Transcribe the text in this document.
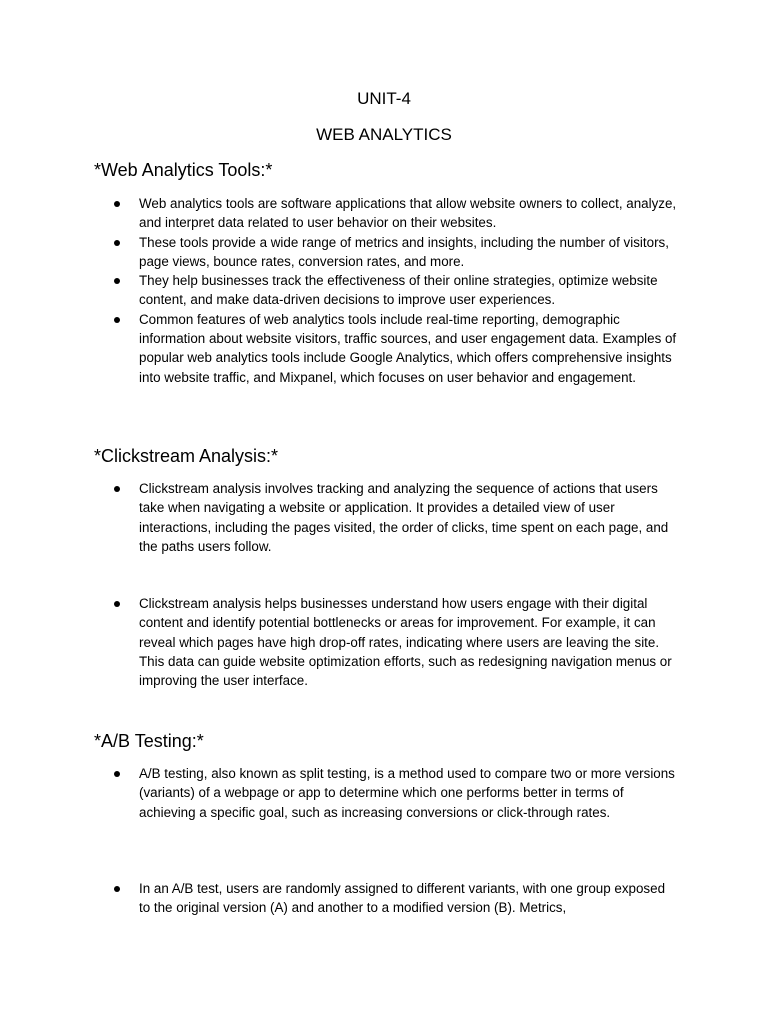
UNIT-4
WEB ANALYTICS
*Web Analytics Tools:*
Web analytics tools are software applications that allow website owners to collect, analyze, and interpret data related to user behavior on their websites.
These tools provide a wide range of metrics and insights, including the number of visitors, page views, bounce rates, conversion rates, and more.
They help businesses track the effectiveness of their online strategies, optimize website content, and make data-driven decisions to improve user experiences.
Common features of web analytics tools include real-time reporting, demographic information about website visitors, traffic sources, and user engagement data. Examples of popular web analytics tools include Google Analytics, which offers comprehensive insights into website traffic, and Mixpanel, which focuses on user behavior and engagement.
*Clickstream Analysis:*
Clickstream analysis involves tracking and analyzing the sequence of actions that users take when navigating a website or application. It provides a detailed view of user interactions, including the pages visited, the order of clicks, time spent on each page, and the paths users follow.
Clickstream analysis helps businesses understand how users engage with their digital content and identify potential bottlenecks or areas for improvement. For example, it can reveal which pages have high drop-off rates, indicating where users are leaving the site. This data can guide website optimization efforts, such as redesigning navigation menus or improving the user interface.
*A/B Testing:*
A/B testing, also known as split testing, is a method used to compare two or more versions (variants) of a webpage or app to determine which one performs better in terms of achieving a specific goal, such as increasing conversions or click-through rates.
In an A/B test, users are randomly assigned to different variants, with one group exposed to the original version (A) and another to a modified version (B). Metrics,
